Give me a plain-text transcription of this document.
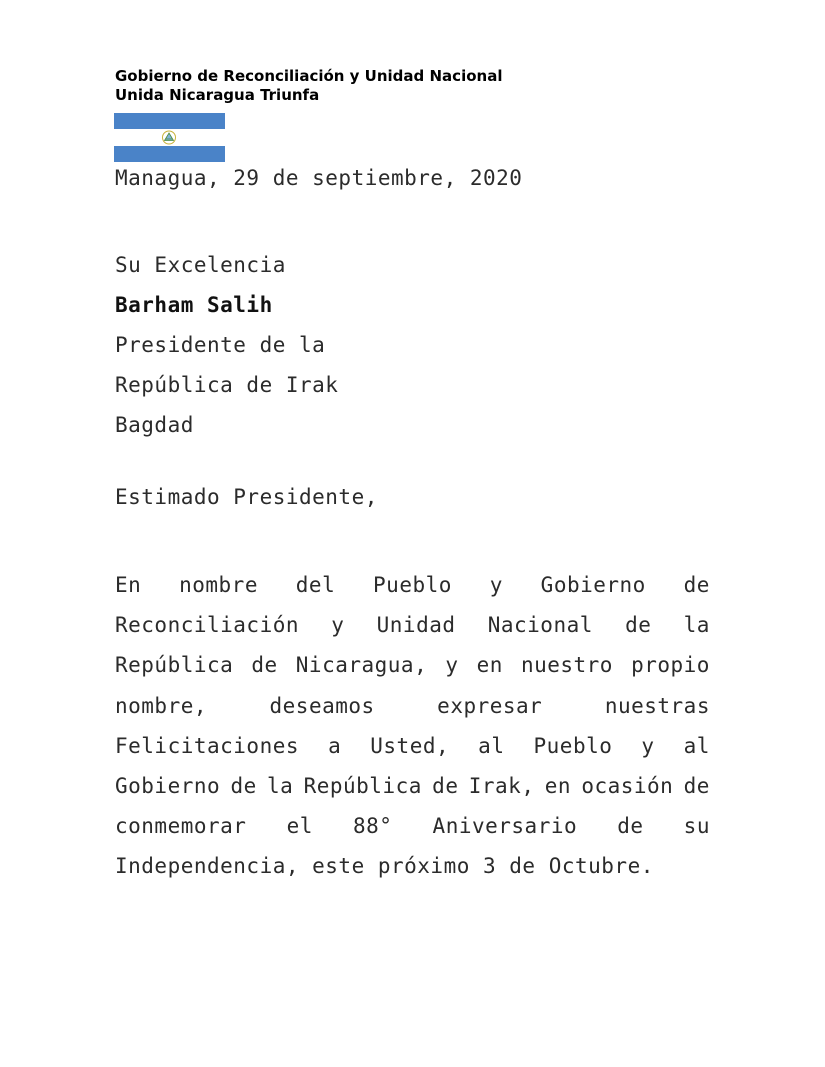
Gobierno de Reconciliación y Unidad Nacional
Unida Nicaragua Triunfa
Managua, 29 de septiembre, 2020
Su Excelencia
Barham Salih
Presidente de la
República de Irak
Bagdad
Estimado Presidente,
En nombre del Pueblo y Gobierno de
Reconciliación y Unidad Nacional de la
República de Nicaragua, y en nuestro propio
nombre,	deseamos	expresar	nuestras
Felicitaciones a Usted, al Pueblo y al
Gobierno de la República de Irak, en ocasión de
conmemorar el 88° Aniversario de su
Independencia, este próximo 3 de Octubre.
